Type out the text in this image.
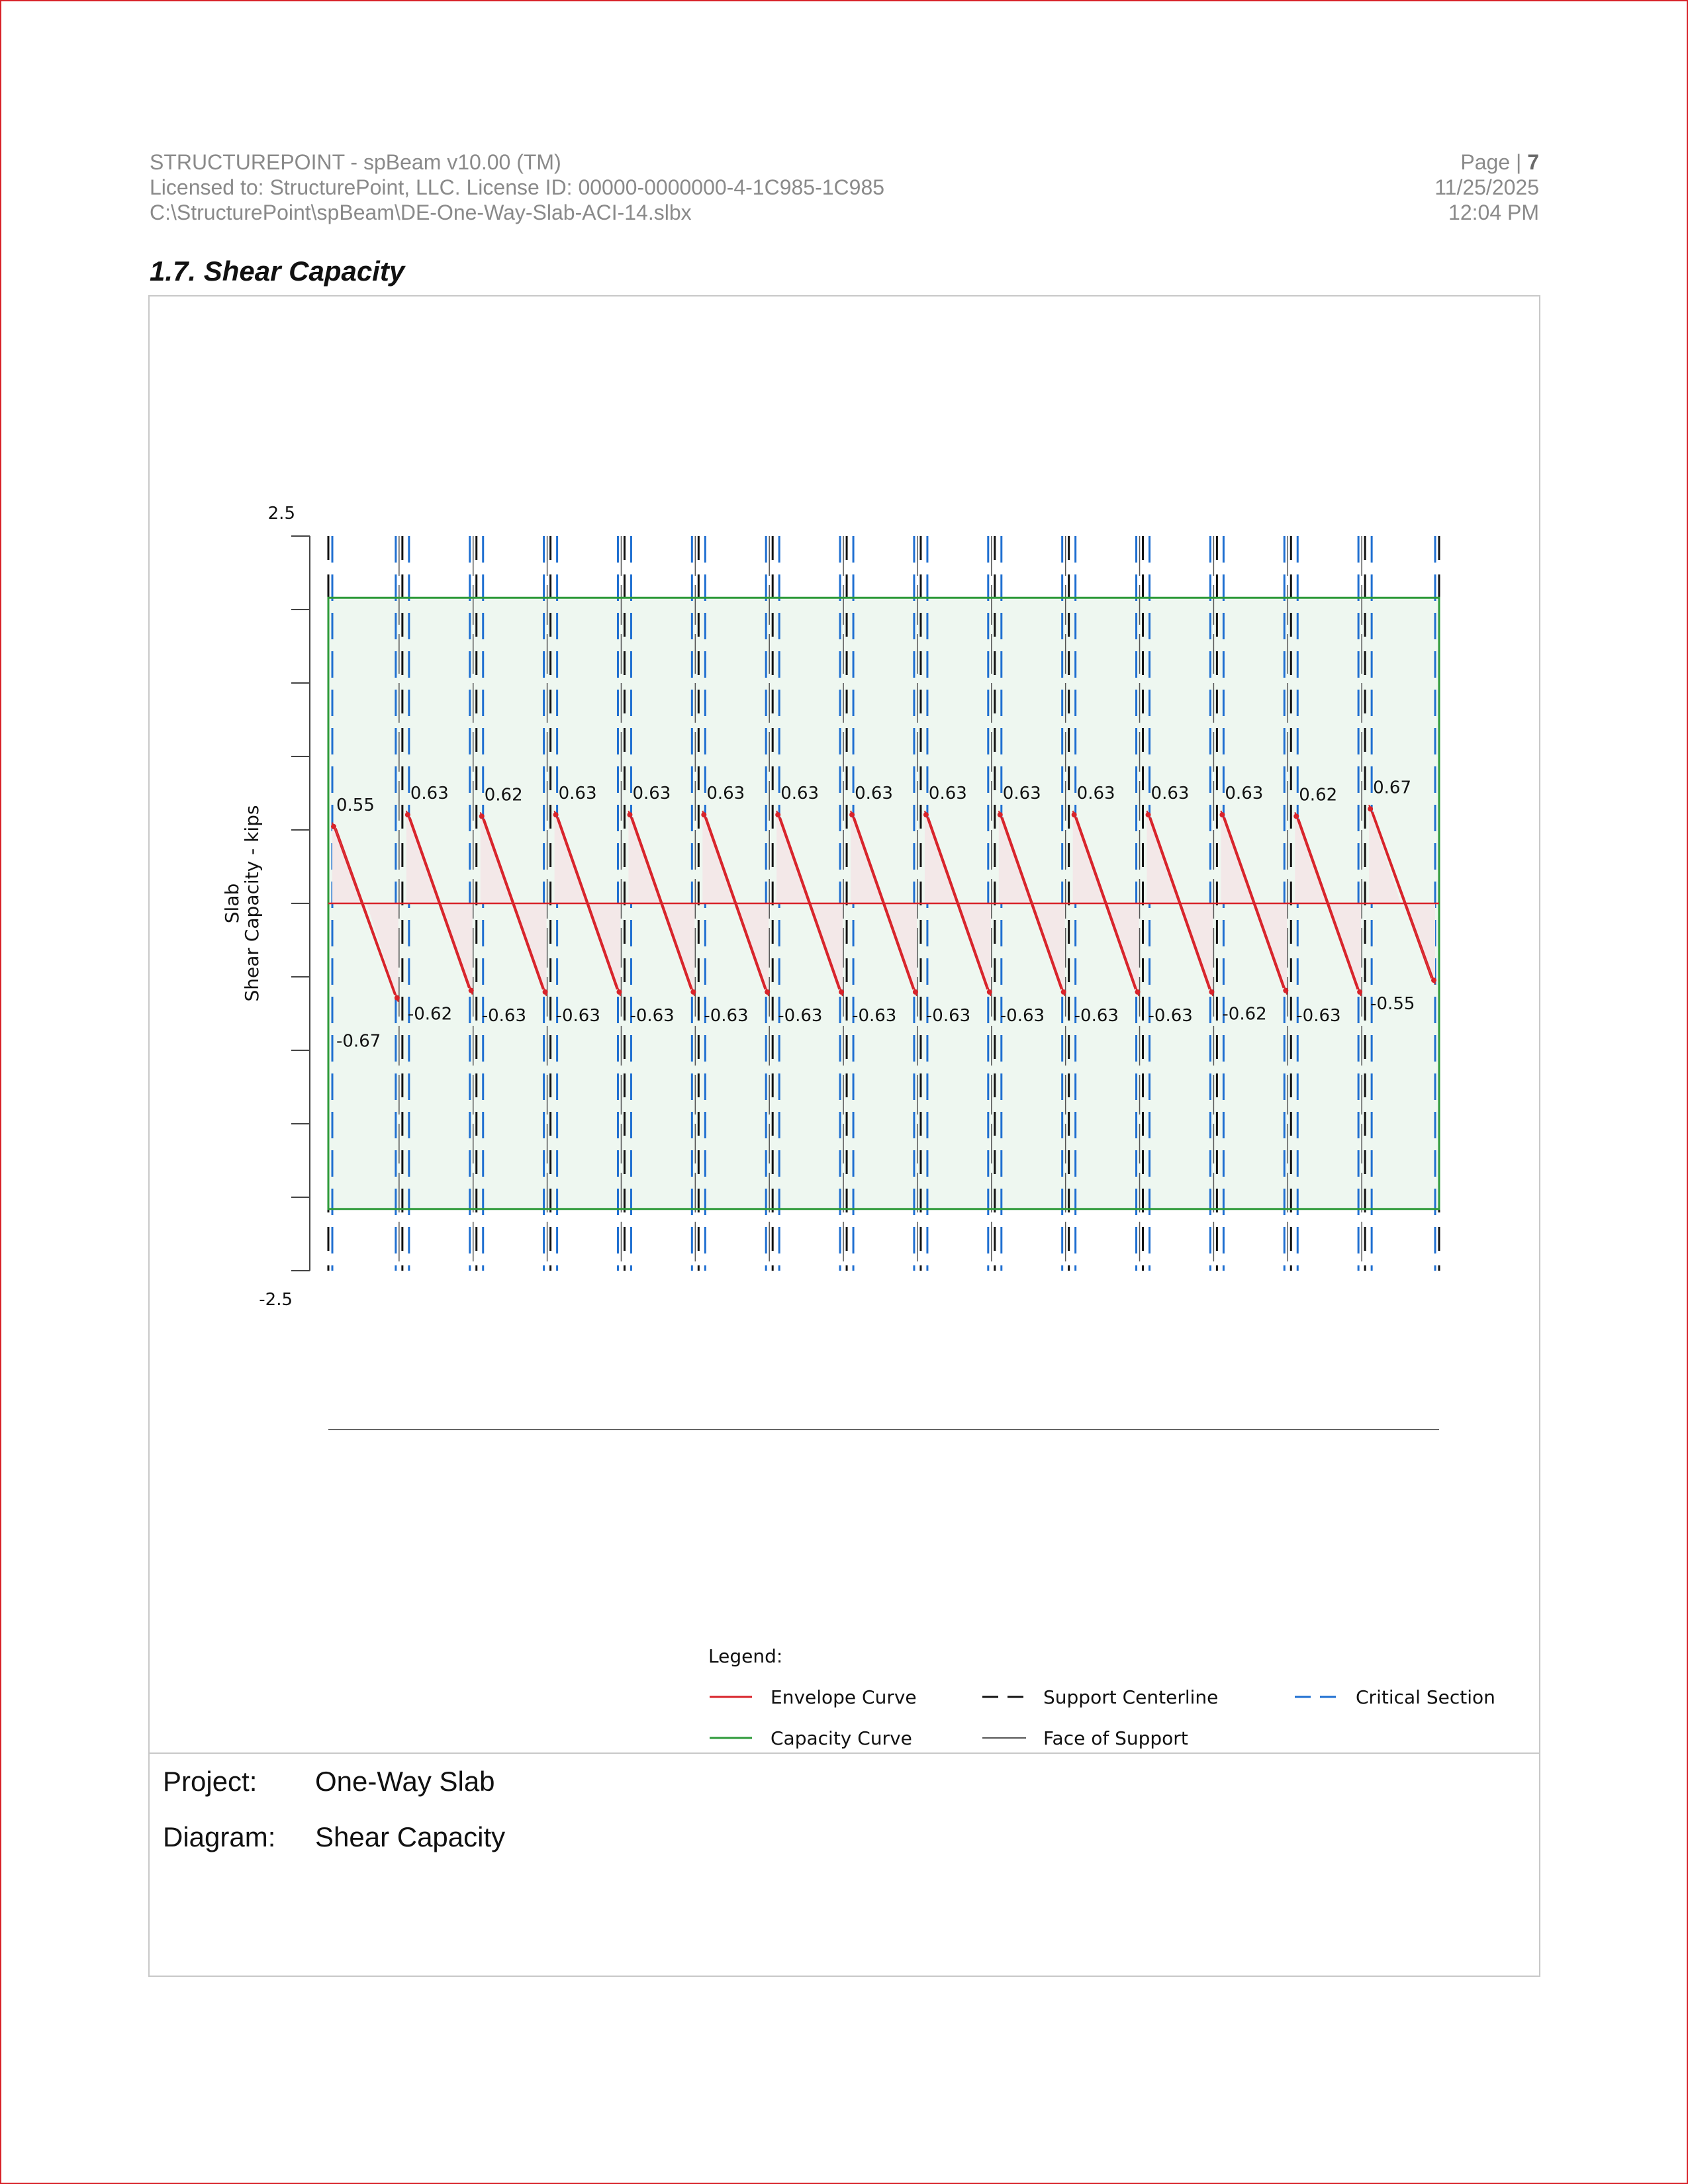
STRUCTUREPOINT - spBeam v10.00 (TM)
Licensed to: StructurePoint, LLC. License ID: 00000-0000000-4-1C985-1C985
C:\StructurePoint\spBeam\DE-One-Way-Slab-ACI-14.slbx
Page | 7
11/25/2025
12:04 PM
1.7. Shear Capacity
2.5
-2.5
Slab
Shear Capacity - kips	0.55
-0.67
0.63
-0.62
0.62
-0.63
0.63
-0.63
0.63
-0.63
0.63
-0.63
0.63
-0.63
0.63
-0.63
0.63
-0.63
0.63
-0.63
0.63
-0.63
0.63
-0.63
0.63
-0.62
0.62
-0.63
0.67
-0.55
Legend:
Envelope Curve	Support Centerline	Critical Section
Capacity Curve	Face of Support
Project: One-Way Slab
Diagram: Shear Capacity
